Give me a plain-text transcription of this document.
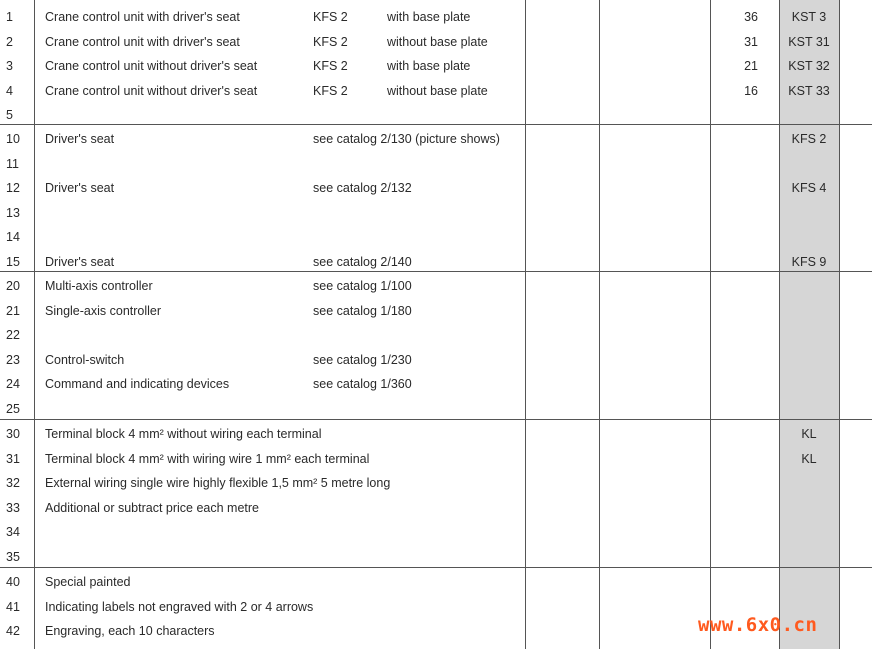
1	Crane control unit with driver's seat	KFS 2	with base plate	36	KST 3
2	Crane control unit with driver's seat	KFS 2	without base plate	31	KST 31
3	Crane control unit without driver's seat	KFS 2	with base plate	21	KST 32
4	Crane control unit without driver's seat	KFS 2	without base plate	16	KST 33
5
10 Driver's seat	see catalog 2/130 (picture shows)	KFS 2
11
12 Driver's seat	see catalog 2/132	KFS 4
13
14
15 Driver's seat	see catalog 2/140	KFS 9
20 Multi-axis controller	see catalog 1/100
21 Single-axis controller	see catalog 1/180
22
23 Control-switch	see catalog 1/230
24 Command and indicating devices	see catalog 1/360
25
30 Terminal block 4 mm² without wiring each terminal	KL
31 Terminal block 4 mm² with wiring wire 1 mm² each terminal	KL
32 External wiring single wire highly flexible 1,5 mm² 5 metre long
33 Additional or subtract price each metre
34
35
40 Special painted
41 Indicating labels not engraved with 2 or 4 arrows
42 Engraving, each 10 characters	www.6x0.cn
